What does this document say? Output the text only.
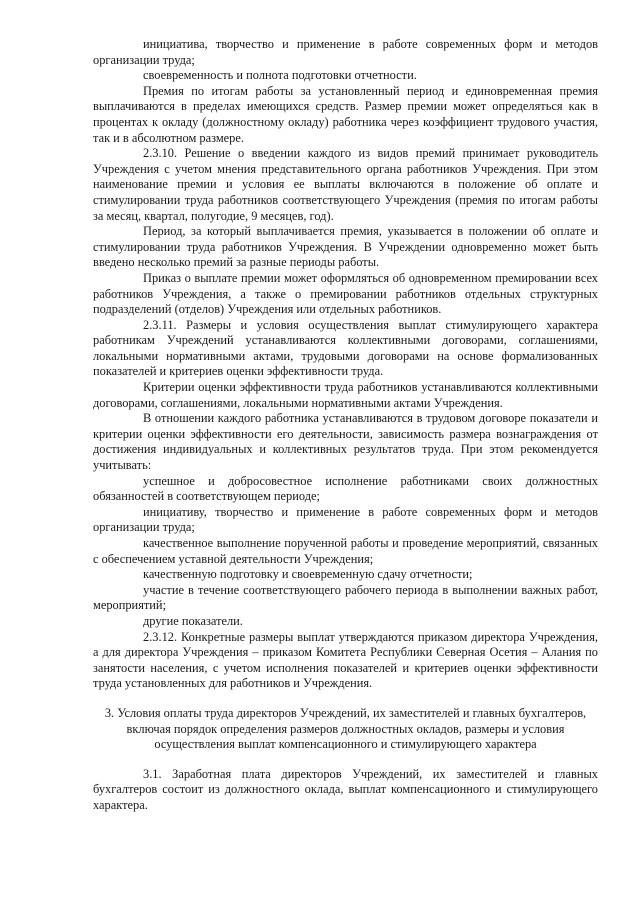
инициатива, творчество и применение в работе современных форм и методов организации труда;

своевременность и полнота подготовки отчетности.

Премия по итогам работы за установленный период и единовременная премия выплачиваются в пределах имеющихся средств. Размер премии может определяться как в процентах к окладу (должностному окладу) работника через коэффициент трудового участия, так и в абсолютном размере.

2.3.10. Решение о введении каждого из видов премий принимает руководитель Учреждения с учетом мнения представительного органа работников Учреждения. При этом наименование премии и условия ее выплаты включаются в положение об оплате и стимулировании труда работников соответствующего Учреждения (премия по итогам работы за месяц, квартал, полугодие, 9 месяцев, год).

Период, за который выплачивается премия, указывается в положении об оплате и стимулировании труда работников Учреждения. В Учреждении одновременно может быть введено несколько премий за разные периоды работы.

Приказ о выплате премии может оформляться об одновременном премировании всех работников Учреждения, а также о премировании работников отдельных структурных подразделений (отделов) Учреждения или отдельных работников.

2.3.11. Размеры и условия осуществления выплат стимулирующего характера работникам Учреждений устанавливаются коллективными договорами, соглашениями, локальными нормативными актами, трудовыми договорами на основе формализованных показателей и критериев оценки эффективности труда.

Критерии оценки эффективности труда работников устанавливаются коллективными договорами, соглашениями, локальными нормативными актами Учреждения.

В отношении каждого работника устанавливаются в трудовом договоре показатели и критерии оценки эффективности его деятельности, зависимость размера вознаграждения от достижения индивидуальных и коллективных результатов труда. При этом рекомендуется учитывать:

успешное и добросовестное исполнение работниками своих должностных обязанностей в соответствующем периоде;

инициативу, творчество и применение в работе современных форм и методов организации труда;

качественное выполнение порученной работы и проведение мероприятий, связанных с обеспечением уставной деятельности Учреждения;

качественную подготовку и своевременную сдачу отчетности;

участие в течение соответствующего рабочего периода в выполнении важных работ, мероприятий;

другие показатели.

2.3.12. Конкретные размеры выплат утверждаются приказом директора Учреждения, а для директора Учреждения – приказом Комитета Республики Северная Осетия – Алания по занятости населения, с учетом исполнения показателей и критериев оценки эффективности труда установленных для работников и Учреждения.

3. Условия оплаты труда директоров Учреждений, их заместителей и главных бухгалтеров, включая порядок определения размеров должностных окладов, размеры и условия осуществления выплат компенсационного и стимулирующего характера

3.1. Заработная плата директоров Учреждений, их заместителей и главных бухгалтеров состоит из должностного оклада, выплат компенсационного и стимулирующего характера.
